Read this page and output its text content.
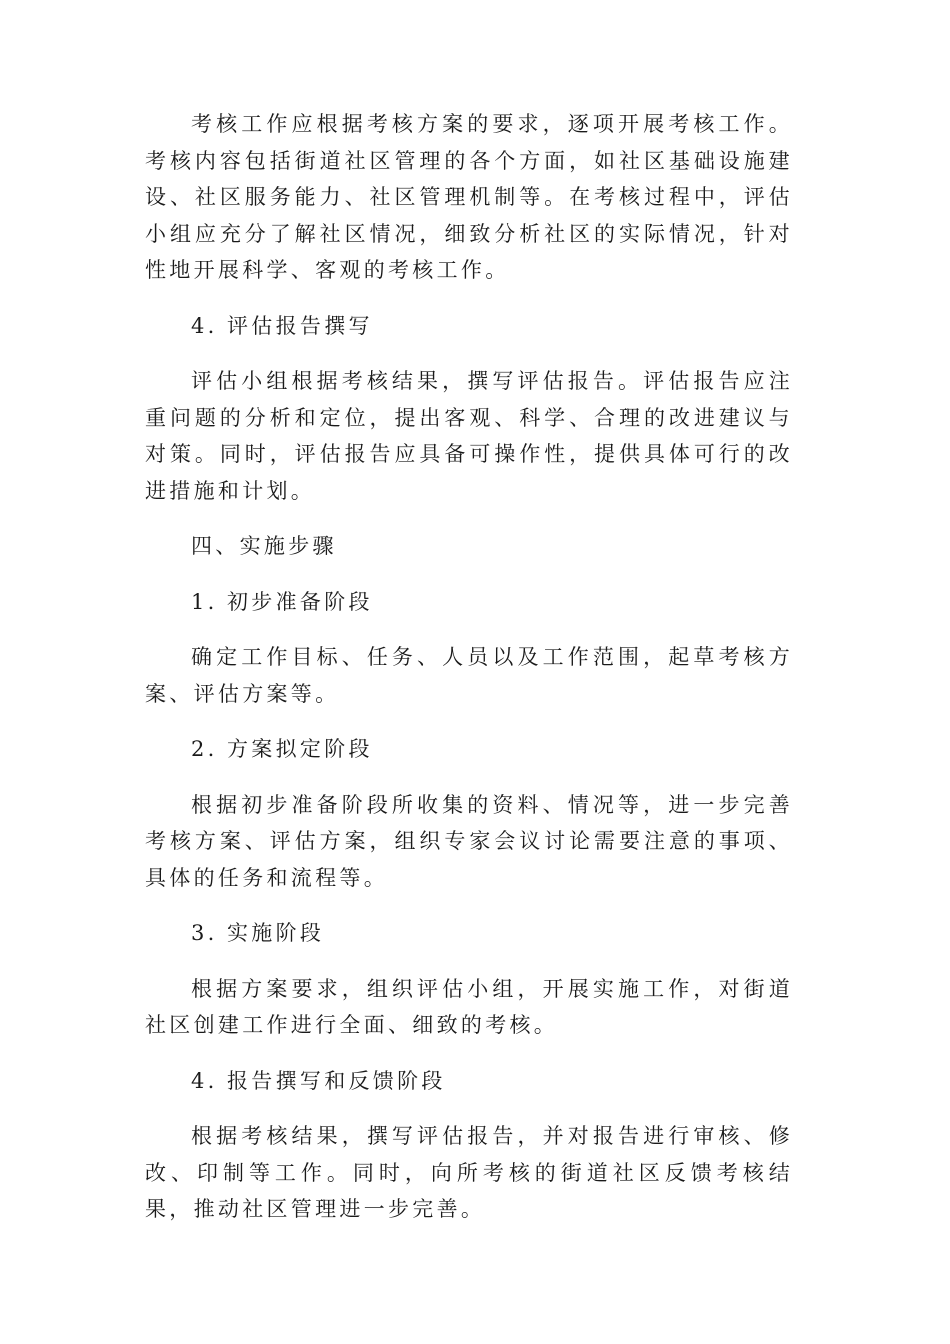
考核工作应根据考核方案的要求，逐项开展考核工作。考核内容包括街道社区管理的各个方面，如社区基础设施建设、社区服务能力、社区管理机制等。在考核过程中，评估小组应充分了解社区情况，细致分析社区的实际情况，针对性地开展科学、客观的考核工作。

4. 评估报告撰写

评估小组根据考核结果，撰写评估报告。评估报告应注重问题的分析和定位，提出客观、科学、合理的改进建议与对策。同时，评估报告应具备可操作性，提供具体可行的改进措施和计划。

四、实施步骤

1. 初步准备阶段

确定工作目标、任务、人员以及工作范围，起草考核方案、评估方案等。

2. 方案拟定阶段

根据初步准备阶段所收集的资料、情况等，进一步完善考核方案、评估方案，组织专家会议讨论需要注意的事项、具体的任务和流程等。

3. 实施阶段

根据方案要求，组织评估小组，开展实施工作，对街道社区创建工作进行全面、细致的考核。

4. 报告撰写和反馈阶段

根据考核结果，撰写评估报告，并对报告进行审核、修改、印制等工作。同时，向所考核的街道社区反馈考核结果，推动社区管理进一步完善。
